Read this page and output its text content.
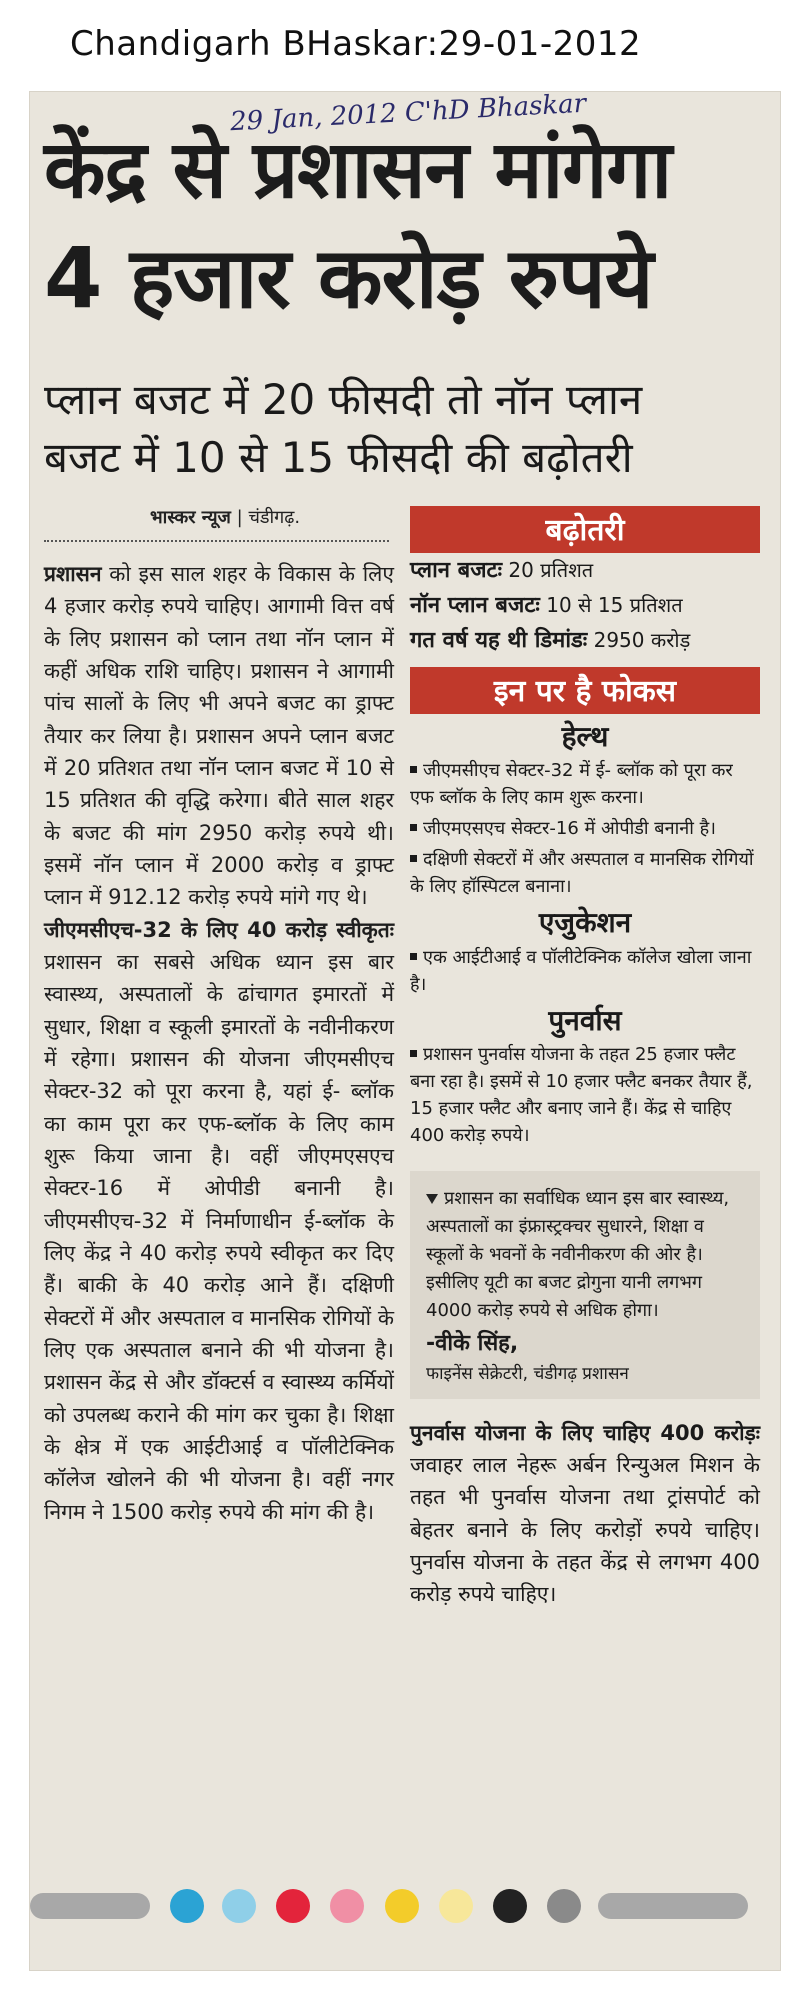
Chandigarh BHaskar:29-01-2012
29 Jan, 2012 C'hD Bhaskar
केंद्र से प्रशासन मांगेगा
4 हजार करोड़ रुपये
प्लान बजट में 20 फीसदी तो नॉन प्लान
बजट में 10 से 15 फीसदी की बढ़ोतरी
भास्कर न्यूज | चंडीगढ़.

प्रशासन को इस साल शहर के विकास के लिए 4 हजार करोड़ रुपये चाहिए। आगामी वित्त वर्ष के लिए प्रशासन को प्लान तथा नॉन प्लान में कहीं अधिक राशि चाहिए। प्रशासन ने आगामी पांच सालों के लिए भी अपने बजट का ड्राफ्ट तैयार कर लिया है। प्रशासन अपने प्लान बजट में 20 प्रतिशत तथा नॉन प्लान बजट में 10 से 15 प्रतिशत की वृद्धि करेगा। बीते साल शहर के बजट की मांग 2950 करोड़ रुपये थी। इसमें नॉन प्लान में 2000 करोड़ व ड्राफ्ट प्लान में 912.12 करोड़ रुपये मांगे गए थे।

जीएमसीएच-32 के लिए 40 करोड़ स्वीकृतः प्रशासन का सबसे अधिक ध्यान इस बार स्वास्थ्य, अस्पतालों के ढांचागत इमारतों में सुधार, शिक्षा व स्कूली इमारतों के नवीनीकरण में रहेगा। प्रशासन की योजना जीएमसीएच सेक्टर-32 को पूरा करना है, यहां ई- ब्लॉक का काम पूरा कर एफ-ब्लॉक के लिए काम शुरू किया जाना है। वहीं जीएमएसएच सेक्टर-16 में ओपीडी बनानी है। जीएमसीएच-32 में निर्माणाधीन ई-ब्लॉक के लिए केंद्र ने 40 करोड़ रुपये स्वीकृत कर दिए हैं। बाकी के 40 करोड़ आने हैं। दक्षिणी सेक्टरों में और अस्पताल व मानसिक रोगियों के लिए एक अस्पताल बनाने की भी योजना है। प्रशासन केंद्र से और डॉक्टर्स व स्वास्थ्य कर्मियों को उपलब्ध कराने की मांग कर चुका है। शिक्षा के क्षेत्र में एक आईटीआई व पॉलीटेक्निक कॉलेज खोलने की भी योजना है। वहीं नगर निगम ने 1500 करोड़ रुपये की मांग की है।

बढ़ोतरी
प्लान बजटः 20 प्रतिशत
नॉन प्लान बजटः 10 से 15 प्रतिशत
गत वर्ष यह थी डिमांडः 2950 करोड़
इन पर है फोकस
हेल्थ
जीएमसीएच सेक्टर-32 में ई- ब्लॉक को पूरा कर एफ ब्लॉक के लिए काम शुरू करना।
जीएमएसएच सेक्टर-16 में ओपीडी बनानी है।
दक्षिणी सेक्टरों में और अस्पताल व मानसिक रोगियों के लिए हॉस्पिटल बनाना।
एजुकेशन
एक आईटीआई व पॉलीटेक्निक कॉलेज खोला जाना है।
पुनर्वास
प्रशासन पुनर्वास योजना के तहत 25 हजार फ्लैट बना रहा है। इसमें से 10 हजार फ्लैट बनकर तैयार हैं, 15 हजार फ्लैट और बनाए जाने हैं। केंद्र से चाहिए 400 करोड़ रुपये।
प्रशासन का सर्वाधिक ध्यान इस बार स्वास्थ्य, अस्पतालों का इंफ्रास्ट्रक्चर सुधारने, शिक्षा व स्कूलों के भवनों के नवीनीकरण की ओर है। इसीलिए यूटी का बजट द्रोगुना यानी लगभग 4000 करोड़ रुपये से अधिक होगा।
-वीके सिंह,
फाइनेंस सेक्रेटरी, चंडीगढ़ प्रशासन
पुनर्वास योजना के लिए चाहिए 400 करोड़ः जवाहर लाल नेहरू अर्बन रिन्युअल मिशन के तहत भी पुनर्वास योजना तथा ट्रांसपोर्ट को बेहतर बनाने के लिए करोड़ों रुपये चाहिए। पुनर्वास योजना के तहत केंद्र से लगभग 400 करोड़ रुपये चाहिए।
